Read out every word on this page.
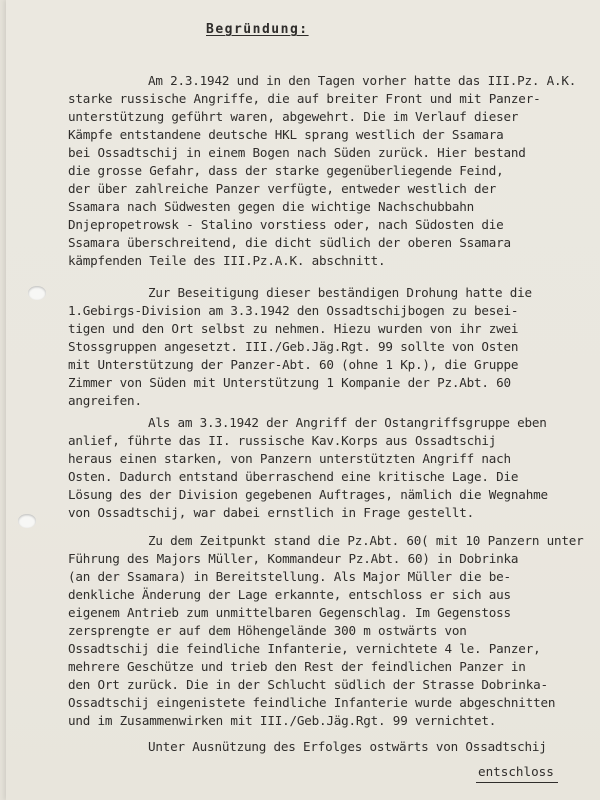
Begründung:

Am 2.3.1942 und in den Tagen vorher hatte das III.Pz. A.K.

starke russische Angriffe, die auf breiter Front und mit Panzer-

unterstützung geführt waren, abgewehrt. Die im Verlauf dieser

Kämpfe entstandene deutsche HKL sprang westlich der Ssamara

bei Ossadtschij in einem Bogen nach Süden zurück. Hier bestand

die grosse Gefahr, dass der starke gegenüberliegende Feind,

der über zahlreiche Panzer verfügte, entweder westlich der

Ssamara nach Südwesten gegen die wichtige Nachschubbahn

Dnjepropetrowsk - Stalino vorstiess oder, nach Südosten die

Ssamara überschreitend, die dicht südlich der oberen Ssamara

kämpfenden Teile des III.Pz.A.K. abschnitt.

Zur Beseitigung dieser beständigen Drohung hatte die

1.Gebirgs-Division am 3.3.1942 den Ossadtschijbogen zu besei-

tigen und den Ort selbst zu nehmen. Hiezu wurden von ihr zwei

Stossgruppen angesetzt. III./Geb.Jäg.Rgt. 99 sollte von Osten

mit Unterstützung der Panzer-Abt. 60 (ohne 1 Kp.), die Gruppe

Zimmer von Süden mit Unterstützung 1 Kompanie der Pz.Abt. 60

angreifen.

Als am 3.3.1942 der Angriff der Ostangriffsgruppe eben

anlief, führte das II. russische Kav.Korps aus Ossadtschij

heraus einen starken, von Panzern unterstützten Angriff nach

Osten. Dadurch entstand überraschend eine kritische Lage. Die

Lösung des der Division gegebenen Auftrages, nämlich die Wegnahme

von Ossadtschij, war dabei ernstlich in Frage gestellt.

Zu dem Zeitpunkt stand die Pz.Abt. 60( mit 10 Panzern unter

Führung des Majors Müller, Kommandeur Pz.Abt. 60) in Dobrinka

(an der Ssamara) in Bereitstellung. Als Major Müller die be-

denkliche Änderung der Lage erkannte, entschloss er sich aus

eigenem Antrieb zum unmittelbaren Gegenschlag. Im Gegenstoss

zersprengte er auf dem Höhengelände 300 m ostwärts von

Ossadtschij die feindliche Infanterie, vernichtete 4 le. Panzer,

mehrere Geschütze und trieb den Rest der feindlichen Panzer in

den Ort zurück. Die in der Schlucht südlich der Strasse Dobrinka-

Ossadtschij eingenistete feindliche Infanterie wurde abgeschnitten

und im Zusammenwirken mit III./Geb.Jäg.Rgt. 99 vernichtet.

Unter Ausnützung des Erfolges ostwärts von Ossadtschij

entschloss
